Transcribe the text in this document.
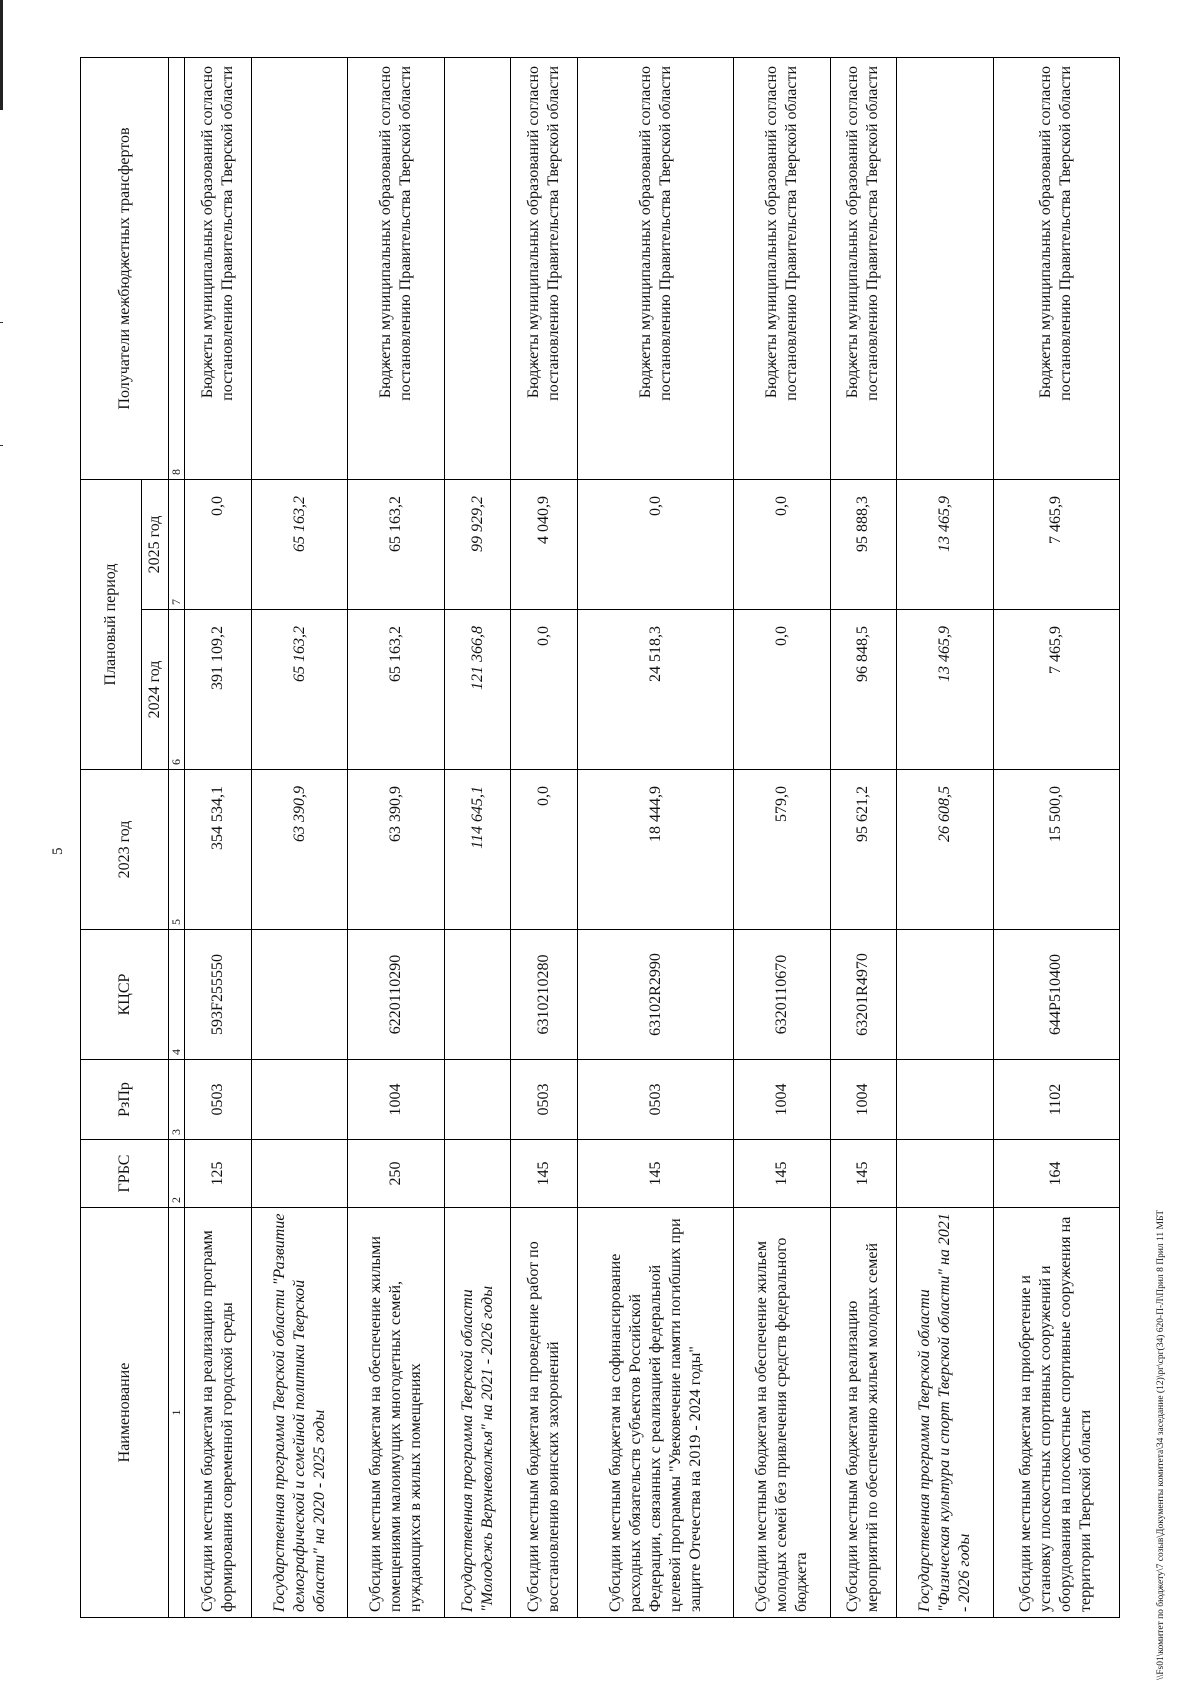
5
Наименование	ГРБС	РзПр	КЦСР	2023 год	Плановый период		Получатели межбюджетных трансфертов
					2024 год	2025 год	
1	2	3	4	5	6	7	8
Субсидии местным бюджетам на реализацию программ формирования современной городской среды	125	0503	593F255550	354 534,1	391 109,2	0,0	Бюджеты муниципальных образований согласно постановлению Правительства Тверской области
Государственная программа Тверской области "Развитие демографической и семейной политики Тверской области" на 2020 - 2025 годы				63 390,9	65 163,2	65 163,2	
Субсидии местным бюджетам на обеспечение жилыми помещениями малоимущих многодетных семей, нуждающихся в жилых помещениях	250	1004	6220110290	63 390,9	65 163,2	65 163,2	Бюджеты муниципальных образований согласно постановлению Правительства Тверской области
Государственная программа Тверской области "Молодежь Верхневолжья" на 2021 - 2026 годы				114 645,1	121 366,8	99 929,2	
Субсидии местным бюджетам на проведение работ по восстановлению воинских захоронений	145	0503	6310210280	0,0	0,0	4 040,9	Бюджеты муниципальных образований согласно постановлению Правительства Тверской области
Субсидии местным бюджетам на софинансирование расходных обязательств субъектов Российской Федерации, связанных с реализацией федеральной целевой программы "Увековечение памяти погибших при защите Отечества на 2019 - 2024 годы"	145	0503	63102R2990	18 444,9	24 518,3	0,0	Бюджеты муниципальных образований согласно постановлению Правительства Тверской области
Субсидии местным бюджетам на обеспечение жильем молодых семей без привлечения средств федерального бюджета	145	1004	6320110670	579,0	0,0	0,0	Бюджеты муниципальных образований согласно постановлению Правительства Тверской области
Субсидии местным бюджетам на реализацию мероприятий по обеспечению жильем молодых семей	145	1004	63201R4970	95 621,2	96 848,5	95 888,3	Бюджеты муниципальных образований согласно постановлению Правительства Тверской области
Государственная программа Тверской области "Физическая культура и спорт Тверской области" на 2021 - 2026 годы				26 608,5	13 465,9	13 465,9	
Субсидии местным бюджетам на приобретение и установку плоскостных спортивных сооружений и оборудования на плоскостные спортивные сооружения на территории Тверской области	164	1102	644P510400	15 500,0	7 465,9	7 465,9	Бюджеты муниципальных образований согласно постановлению Правительства Тверской области
\\Fs01\комитет по бюджету\7 созыв\Документы комитета\34 заседание (12)\рг\срг(34) 620-П-Л\Прил 8 Прил 11 МБТ
